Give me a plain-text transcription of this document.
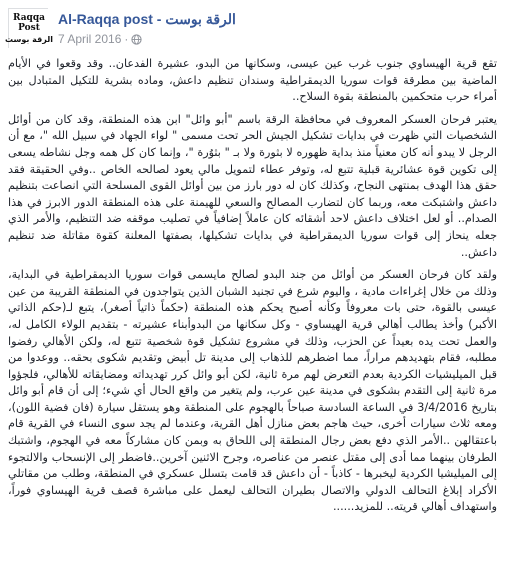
Raqqa
Post
الرقة بوست
Al-Raqqa post - الرقة بوست
7 April 2016 ·

تقع قرية الهيساوي جنوب غرب عين عيسى، وسكانها من البدو، عشيرة الفدعان.. وقد وقعوا في الأيام الماضية بين مطرقة قوات سوريا الديمقراطية وسندان تنظيم داعش، وماده بشرية للتكيل المتبادل بين أمراء حرب متحكمين بالمنطقة بقوة السلاح..

يعتبر فرحان العسكر المعروف في محافظة الرقة باسم "أبو وائل" ابن هذه المنطقة، وقد كان من أوائل الشخصيات التي ظهرت في بدايات تشكيل الجيش الحر تحت مسمى " لواء الجهاد في سبيل الله "، مع أن الرجل لا يبدو أنه كان معنياً منذ بداية ظهوره لا بثورة ولا بـ " بثوُرة "، وإنما كان كل همه وجل نشاطه يسعى إلى تكوين قوة عشائرية قبلية تتبع له، وتوفر عطاء لتمويل مالي يعود لصالحه الخاص ..وفي الحقيقة فقد حقق هذا الهدف بمنتهى النجاح، وكذلك كان له دور بارز من بين أوائل القوى المسلحة التي انصاعت بتنظيم داعش واشتبكت معه، وربما كان لتضارب المصالح والسعي للهيمنة على هذه المنطقة الدور الابرز في هذا الصدام.. أو لعل اختلاف داعش لاحد أشقائه كان عاملاً إضافياً في تصليب موقفه ضد التنظيم، والأمر الذي جعله ينحاز إلى قوات سوريا الديمقراطية في بدايات تشكيلها، بصفتها المعلنة كقوة مقاتلة ضد تنظيم داعش..

ولقد كان فرحان العسكر من أوائل من جند البدو لصالح مايسمى قوات سوريا الديمقراطية في البداية، وذلك من خلال إغراءات مادية ، واليوم شرع في تجنيد الشبان الذين يتواجدون في المنطقة القريبة من عين عيسى بالقوة، حتى بات معروفاً وكأنه أصبح يحكم هذه المنطقة (حكماً ذاتياً أصغر)، يتبع لـ(حكم الذاتي الأكبر) وأخذ يطالب أهالي قرية الهيساوي - وكل سكانها من البدوأبناء عشيرته - بتقديم الولاء الكامل له، والعمل تحت يده بعيداً عن الحزب، وذلك في مشروع تشكيل قوة شخصية تتبع له، ولكن الأهالي رفضوا مطلبه، فقام بتهديدهم مراراً، مما اضطرهم للذهاب إلى مدينة تل أبيض وتقديم شكوى بحقه.. ووعدوا من قبل الميليشيات الكردية بعدم التعرض لهم مرة ثانية، لكن أبو وائل كرر تهديداته ومضايقاته للأهالي، فلجؤوا مرة ثانية إلى التقدم بشكوى في مدينة عين عرب، ولم يتغير من واقع الحال أي شيء؛ إلى أن قام أبو وائل بتاريخ 3/4/2016 في الساعة السادسة صباحاً بالهجوم على المنطقة وهو يستقل سيارة (فان فضية اللون)، ومعه ثلاث سيارات أخرى، حيث هاجم بعض منازل أهل القرية، وعندما لم يجد سوى النساء في القرية قام باعتقالهن ..الأمر الذي دفع بعض رجال المنطقة إلى اللحاق به وبمن كان مشاركاً معه في الهجوم، واشتبك الطرفان بينهما مما أدى إلى مقتل عنصر من عناصره، وجرح الاثنين آخرين..فاضطر إلى الإنسحاب والالتجوء إلى الميليشيا الكردية ليخبرها - كاذباً - أن داعش قد قامت بتسلل عسكري في المنطقة، وطلب من مقاتلي الأكراد إبلاغ التحالف الدولي والاتصال بطيران التحالف ليعمل على مباشرة قصف قرية الهيساوي فوراً، واستهداف أهالي قريته.. للمزيد......
